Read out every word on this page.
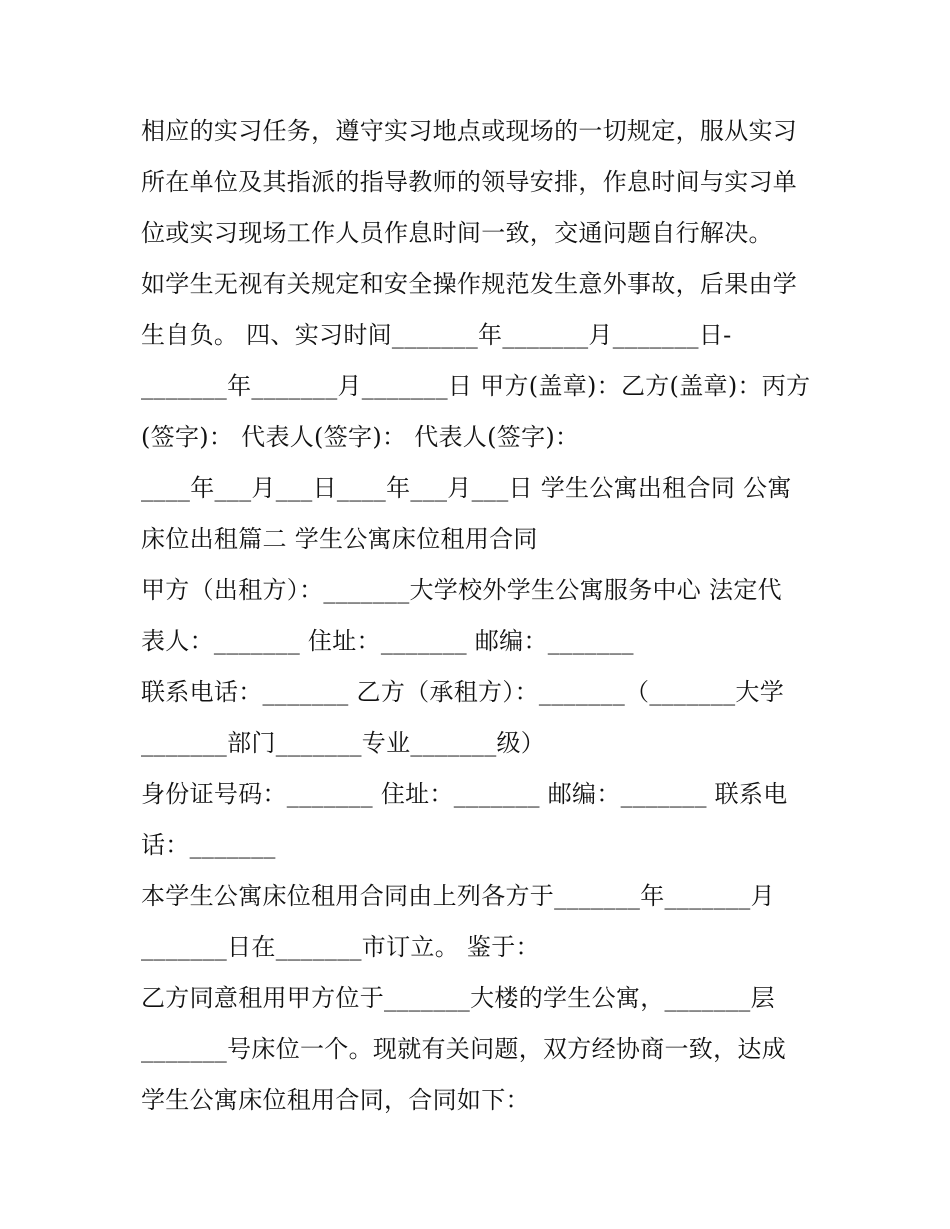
相应的实习任务，遵守实习地点或现场的一切规定，服从实习
所在单位及其指派的指导教师的领导安排，作息时间与实习单
位或实习现场工作人员作息时间一致，交通问题自行解决。
如学生无视有关规定和安全操作规范发生意外事故，后果由学
生自负。 四、实习时间_______年_______月_______日-
_______年_______月_______日 甲方(盖章)：乙方(盖章)：丙方
(签字)： 代表人(签字)： 代表人(签字)：
____年___月___日____年___月___日 学生公寓出租合同 公寓
床位出租篇二 学生公寓床位租用合同
甲方（出租方）：_______大学校外学生公寓服务中心 法定代
表人：_______ 住址：_______ 邮编：_______
联系电话：_______ 乙方（承租方）：_______（_______大学
_______部门_______专业_______级）
身份证号码：_______ 住址：_______ 邮编：_______ 联系电
话：_______
本学生公寓床位租用合同由上列各方于_______年_______月
_______日在_______市订立。 鉴于：
乙方同意租用甲方位于_______大楼的学生公寓，_______层
_______号床位一个。现就有关问题，双方经协商一致，达成
学生公寓床位租用合同，合同如下：
